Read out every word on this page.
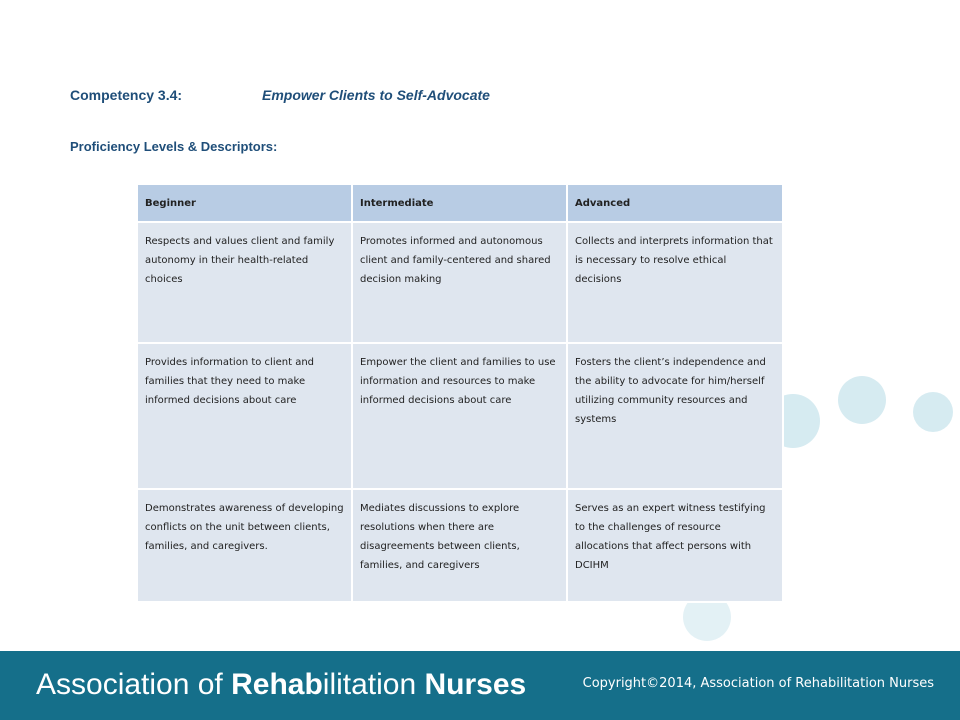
Competency 3.4:	Empower Clients to Self-Advocate
Proficiency Levels & Descriptors:
Beginner	Intermediate	Advanced
Respects and values client and family autonomy in their health-related choices	Promotes informed and autonomous client and family-centered and shared decision making	Collects and interprets information that is necessary to resolve ethical decisions
Provides information to client and families that they need to make informed decisions about care	Empower the client and families to use information and resources to make informed decisions about care	Fosters the client’s independence and the ability to advocate for him/herself utilizing community resources and systems
Demonstrates awareness of developing conflicts on the unit between clients, families, and caregivers.	Mediates discussions to explore resolutions when there are disagreements between clients, families, and caregivers	Serves as an expert witness testifying to the challenges of resource allocations that affect persons with DCIHM
Association of Rehabilitation Nurses	Copyright©2014, Association of Rehabilitation Nurses
